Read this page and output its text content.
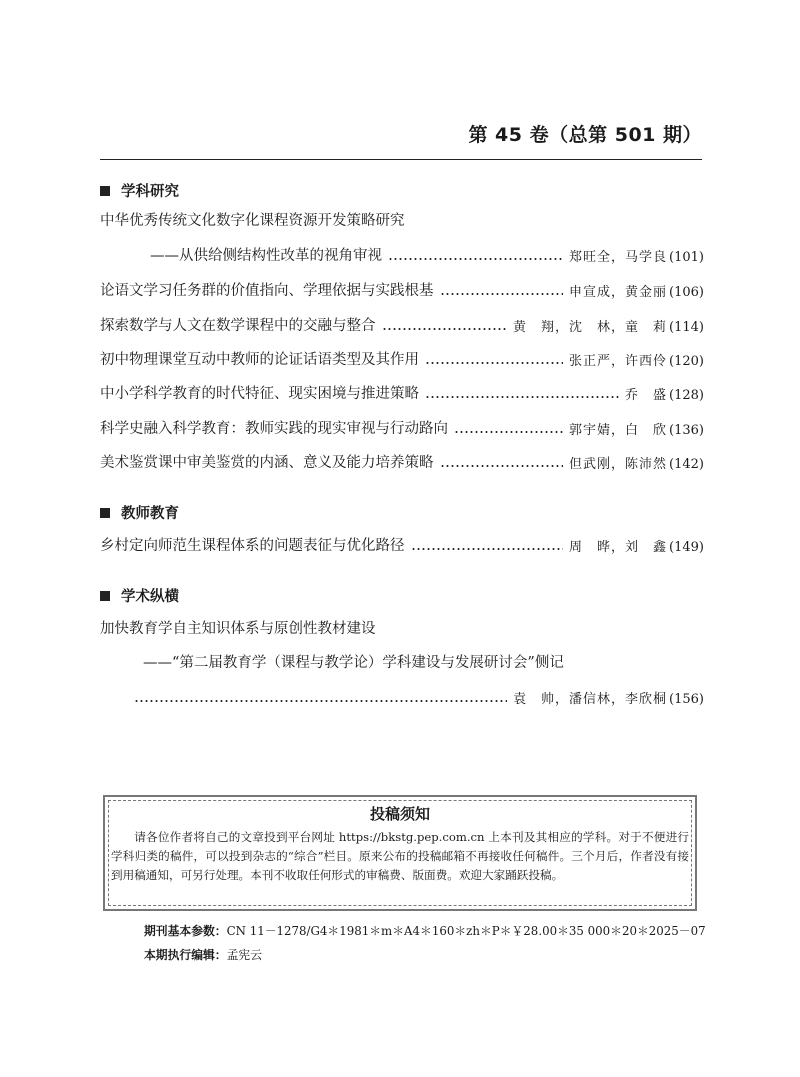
第 45 卷（总第 501 期）
学科研究
中华优秀传统文化数字化课程资源开发策略研究
——从供给侧结构性改革的视角审视	郑旺全，马学良 (101)
论语文学习任务群的价值指向、学理依据与实践根基	申宣成，黄金丽 (106)
探索数学与人文在数学课程中的交融与整合	黄　翔，沈　林，童　莉 (114)
初中物理课堂互动中教师的论证话语类型及其作用	张正严，许西伶 (120)
中小学科学教育的时代特征、现实困境与推进策略	乔　盛 (128)
科学史融入科学教育：教师实践的现实审视与行动路向	郭宇婧，白　欣 (136)
美术鉴赏课中审美鉴赏的内涵、意义及能力培养策略	但武刚，陈沛然 (142)
教师教育
乡村定向师范生课程体系的问题表征与优化路径	周　晔，刘　鑫 (149)
学术纵横
加快教育学自主知识体系与原创性教材建设
——“第二届教育学（课程与教学论）学科建设与发展研讨会”侧记
袁　帅，潘信林，李欣桐 (156)
投稿须知
请各位作者将自己的文章投到平台网址 https://bkstg.pep.com.cn 上本刊及其相应的学科。对于不便进行学科归类的稿件，可以投到杂志的“综合”栏目。原来公布的投稿邮箱不再接收任何稿件。三个月后，作者没有接到用稿通知，可另行处理。本刊不收取任何形式的审稿费、版面费。欢迎大家踊跃投稿。
期刊基本参数：CN 11－1278/G4＊1981＊m＊A4＊160＊zh＊P＊￥28.00＊35 000＊20＊2025－07
本期执行编辑：孟宪云
